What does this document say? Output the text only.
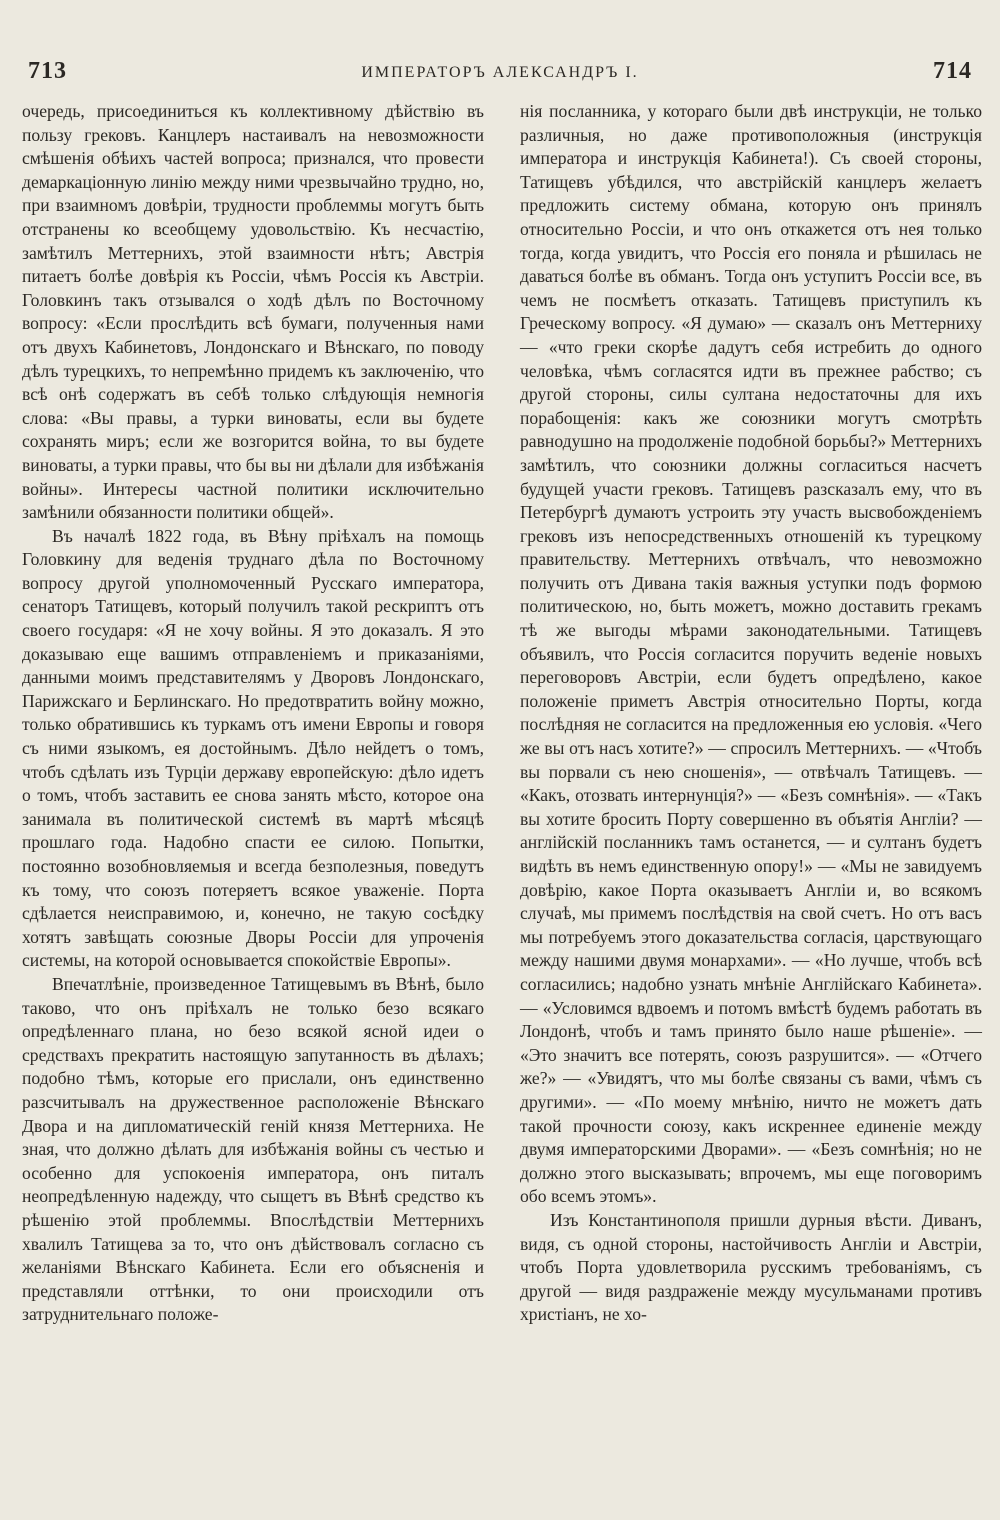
713	ИМПЕРАТОРЪ АЛЕКСАНДРЪ I.	714

очередь, присоединиться къ коллективному дѣйствію въ пользу грековъ. Канцлеръ настаивалъ на невозможности смѣшенія обѣихъ частей вопроса; признался, что провести демаркаціонную линію между ними чрезвычайно трудно, но, при взаимномъ довѣріи, трудности проблеммы могутъ быть отстранены ко всеобщему удовольствію. Къ несчастію, замѣтилъ Меттернихъ, этой взаимности нѣтъ; Австрія питаетъ болѣе довѣрія къ Россіи, чѣмъ Россія къ Австріи. Головкинъ такъ отзывался о ходѣ дѣлъ по Восточному вопросу: «Если прослѣдить всѣ бумаги, полученныя нами отъ двухъ Кабинетовъ, Лондонскаго и Вѣнскаго, по поводу дѣлъ турецкихъ, то непремѣнно придемъ къ заключенію, что всѣ онѣ содержатъ въ себѣ только слѣдующія немногія слова: «Вы правы, а турки виноваты, если вы будете сохранять миръ; если же возгорится война, то вы будете виноваты, а турки правы, что бы вы ни дѣлали для избѣжанія войны». Интересы частной политики исключительно замѣнили обязанности политики общей».

Въ началѣ 1822 года, въ Вѣну пріѣхалъ на помощь Головкину для веденія труднаго дѣла по Восточному вопросу другой уполномоченный Русскаго императора, сенаторъ Татищевъ, который получилъ такой рескриптъ отъ своего государя: «Я не хочу войны. Я это доказалъ. Я это доказываю еще вашимъ отправленіемъ и приказаніями, данными моимъ представителямъ у Дворовъ Лондонскаго, Парижскаго и Берлинскаго. Но предотвратить войну можно, только обратившись къ туркамъ отъ имени Европы и говоря съ ними языкомъ, ея достойнымъ. Дѣло нейдетъ о томъ, чтобъ сдѣлать изъ Турціи державу европейскую: дѣло идетъ о томъ, чтобъ заставить ее снова занять мѣсто, которое она занимала въ политической системѣ въ мартѣ мѣсяцѣ прошлаго года. Надобно спасти ее силою. Попытки, постоянно возобновляемыя и всегда безполезныя, поведутъ къ тому, что союзъ потеряетъ всякое уваженіе. Порта сдѣлается неисправимою, и, конечно, не такую сосѣдку хотятъ завѣщать союзные Дворы Россіи для упроченія системы, на которой основывается спокойствіе Европы».

Впечатлѣніе, произведенное Татищевымъ въ Вѣнѣ, было таково, что онъ пріѣхалъ не только безо всякаго опредѣленнаго плана, но безо всякой ясной идеи о средствахъ прекратить настоящую запутанность въ дѣлахъ; подобно тѣмъ, которые его прислали, онъ единственно разсчитывалъ на дружественное расположеніе Вѣнскаго Двора и на дипломатическій геній князя Меттерниха. Не зная, что должно дѣлать для избѣжанія войны съ честью и особенно для успокоенія императора, онъ питалъ неопредѣленную надежду, что сыщетъ въ Вѣнѣ средство къ рѣшенію этой проблеммы. Впослѣдствіи Меттернихъ хвалилъ Татищева за то, что онъ дѣйствовалъ согласно съ желаніями Вѣнскаго Кабинета. Если его объясненія и представляли оттѣнки, то они происходили отъ затруднительнаго положе-

нія посланника, у котораго были двѣ инструкціи, не только различныя, но даже противоположныя (инструкція императора и инструкція Кабинета!). Съ своей стороны, Татищевъ убѣдился, что австрійскій канцлеръ желаетъ предложить систему обмана, которую онъ принялъ относительно Россіи, и что онъ откажется отъ нея только тогда, когда увидитъ, что Россія его поняла и рѣшилась не даваться болѣе въ обманъ. Тогда онъ уступитъ Россіи все, въ чемъ не посмѣетъ отказать. Татищевъ приступилъ къ Греческому вопросу. «Я думаю» — сказалъ онъ Меттерниху — «что греки скорѣе дадутъ себя истребить до одного человѣка, чѣмъ согласятся идти въ прежнее рабство; съ другой стороны, силы султана недостаточны для ихъ порабощенія: какъ же союзники могутъ смотрѣть равнодушно на продолженіе подобной борьбы?» Меттернихъ замѣтилъ, что союзники должны согласиться насчетъ будущей участи грековъ. Татищевъ разсказалъ ему, что въ Петербургѣ думаютъ устроить эту участь высвобожденіемъ грековъ изъ непосредственныхъ отношеній къ турецкому правительству. Меттернихъ отвѣчалъ, что невозможно получить отъ Дивана такія важныя уступки подъ формою политическою, но, быть можетъ, можно доставить грекамъ тѣ же выгоды мѣрами законодательными. Татищевъ объявилъ, что Россія согласится поручить веденіе новыхъ переговоровъ Австріи, если будетъ опредѣлено, какое положеніе приметъ Австрія относительно Порты, когда послѣдняя не согласится на предложенныя ею условія. «Чего же вы отъ насъ хотите?» — спросилъ Меттернихъ. — «Чтобъ вы порвали съ нею сношенія», — отвѣчалъ Татищевъ. — «Какъ, отозвать интернунція?» — «Безъ сомнѣнія». — «Такъ вы хотите бросить Порту совершенно въ объятія Англіи? — англійскій посланникъ тамъ останется, — и султанъ будетъ видѣть въ немъ единственную опору!» — «Мы не завидуемъ довѣрію, какое Порта оказываетъ Англіи и, во всякомъ случаѣ, мы примемъ послѣдствія на свой счетъ. Но отъ васъ мы потребуемъ этого доказательства согласія, царствующаго между нашими двумя монархами». — «Но лучше, чтобъ всѣ согласились; надобно узнать мнѣніе Англійскаго Кабинета». — «Условимся вдвоемъ и потомъ вмѣстѣ будемъ работать въ Лондонѣ, чтобъ и тамъ принято было наше рѣшеніе». — «Это значитъ все потерять, союзъ разрушится». — «Отчего же?» — «Увидятъ, что мы болѣе связаны съ вами, чѣмъ съ другими». — «По моему мнѣнію, ничто не можетъ дать такой прочности союзу, какъ искреннее единеніе между двумя императорскими Дворами». — «Безъ сомнѣнія; но не должно этого высказывать; впрочемъ, мы еще поговоримъ обо всемъ этомъ».

Изъ Константинополя пришли дурныя вѣсти. Диванъ, видя, съ одной стороны, настойчивость Англіи и Австріи, чтобъ Порта удовлетворила русскимъ требованіямъ, съ другой — видя раздраженіе между мусульманами противъ христіанъ, не хо-
